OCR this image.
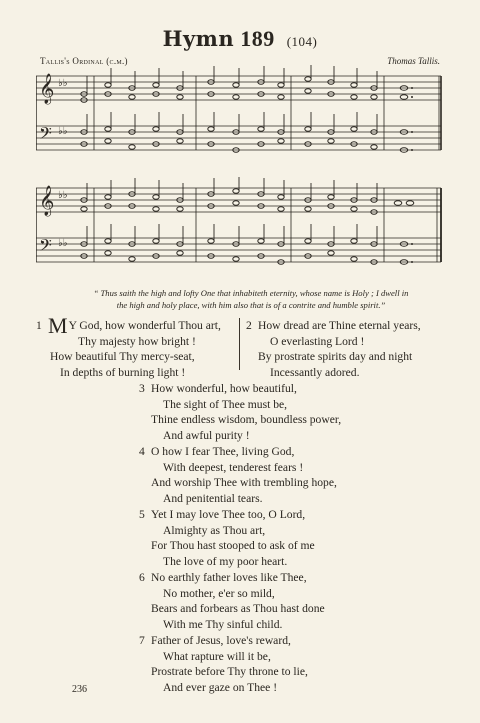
Hymn 189 (104)
Tallis's Ordinal (c.m.)	Thomas Tallis.
𝄞
𝄢
♭♭
♭♭
𝄞
𝄢
♭♭
♭♭
“ Thus saith the high and lofty One that inhabiteth eternity, whose name is Holy ; I dwell in
the high and holy place, with him also that is of a contrite and humble spirit.”
1 MY God, how wonderful Thou art,
Thy majesty how bright !
How beautiful Thy mercy-seat,
In depths of burning light !
2 How dread are Thine eternal years,
O everlasting Lord !
By prostrate spirits day and night
Incessantly adored.
3 How wonderful, how beautiful,
The sight of Thee must be,
Thine endless wisdom, boundless power,
And awful purity !
4 O how I fear Thee, living God,
With deepest, tenderest fears !
And worship Thee with trembling hope,
And penitential tears.
5 Yet I may love Thee too, O Lord,
Almighty as Thou art,
For Thou hast stooped to ask of me
The love of my poor heart.
6 No earthly father loves like Thee,
No mother, e'er so mild,
Bears and forbears as Thou hast done
With me Thy sinful child.
7 Father of Jesus, love's reward,
What rapture will it be,
Prostrate before Thy throne to lie,
And ever gaze on Thee !
236
